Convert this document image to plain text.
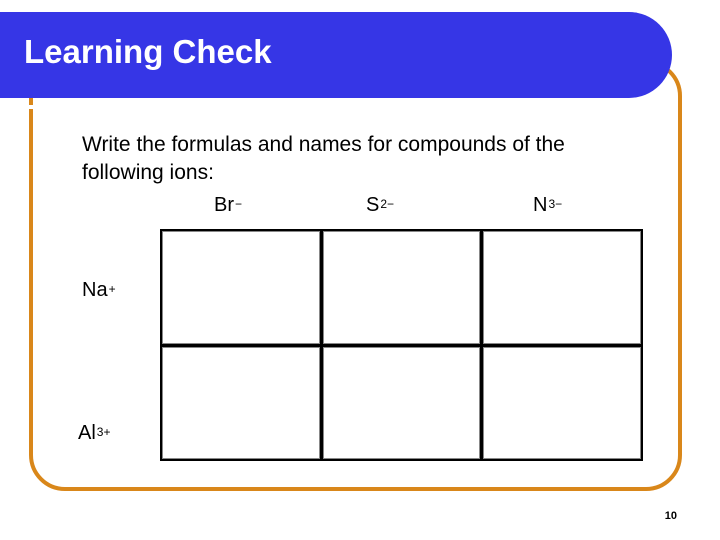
Learning Check
Write the formulas and names for compounds of the
following ions:
Br−	$S^{2-}$	$N^{3-}$
Na+
$Al^{3+}$
10
